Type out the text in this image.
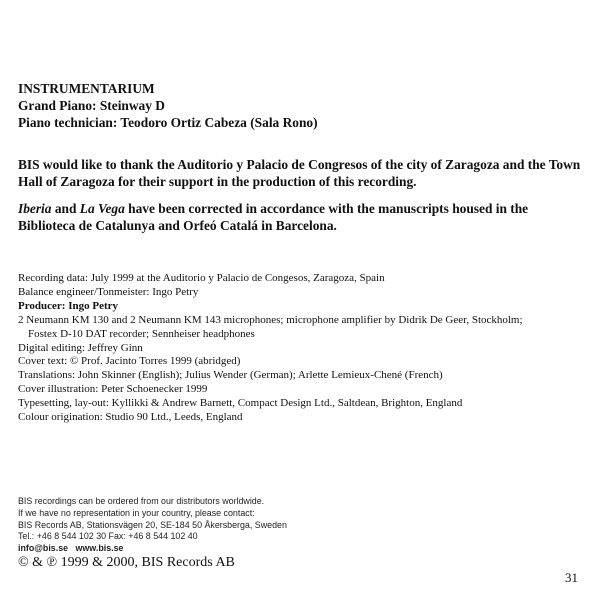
INSTRUMENTARIUM
Grand Piano: Steinway D
Piano technician: Teodoro Ortiz Cabeza (Sala Rono)
BIS would like to thank the Auditorio y Palacio de Congresos of the city of Zaragoza and the Town Hall of Zaragoza for their support in the production of this recording.
Iberia and La Vega have been corrected in accordance with the manuscripts housed in the Biblioteca de Catalunya and Orfeó Catalá in Barcelona.
Recording data: July 1999 at the Auditorio y Palacio de Congesos, Zaragoza, Spain
Balance engineer/Tonmeister: Ingo Petry
Producer: Ingo Petry
2 Neumann KM 130 and 2 Neumann KM 143 microphones; microphone amplifier by Didrik De Geer, Stockholm;
Fostex D-10 DAT recorder; Sennheiser headphones
Digital editing: Jeffrey Ginn
Cover text: © Prof. Jacinto Torres 1999 (abridged)
Translations: John Skinner (English); Julius Wender (German); Arlette Lemieux-Chené (French)
Cover illustration: Peter Schoenecker 1999
Typesetting, lay-out: Kyllikki & Andrew Barnett, Compact Design Ltd., Saltdean, Brighton, England
Colour origination: Studio 90 Ltd., Leeds, England
BIS recordings can be ordered from our distributors worldwide.
If we have no representation in your country, please contact:
BIS Records AB, Stationsvägen 20, SE-184 50 Åkersberga, Sweden
Tel.: +46 8 544 102 30 Fax: +46 8 544 102 40
info@bis.se www.bis.se
© & ℗ 1999 & 2000, BIS Records AB
31
